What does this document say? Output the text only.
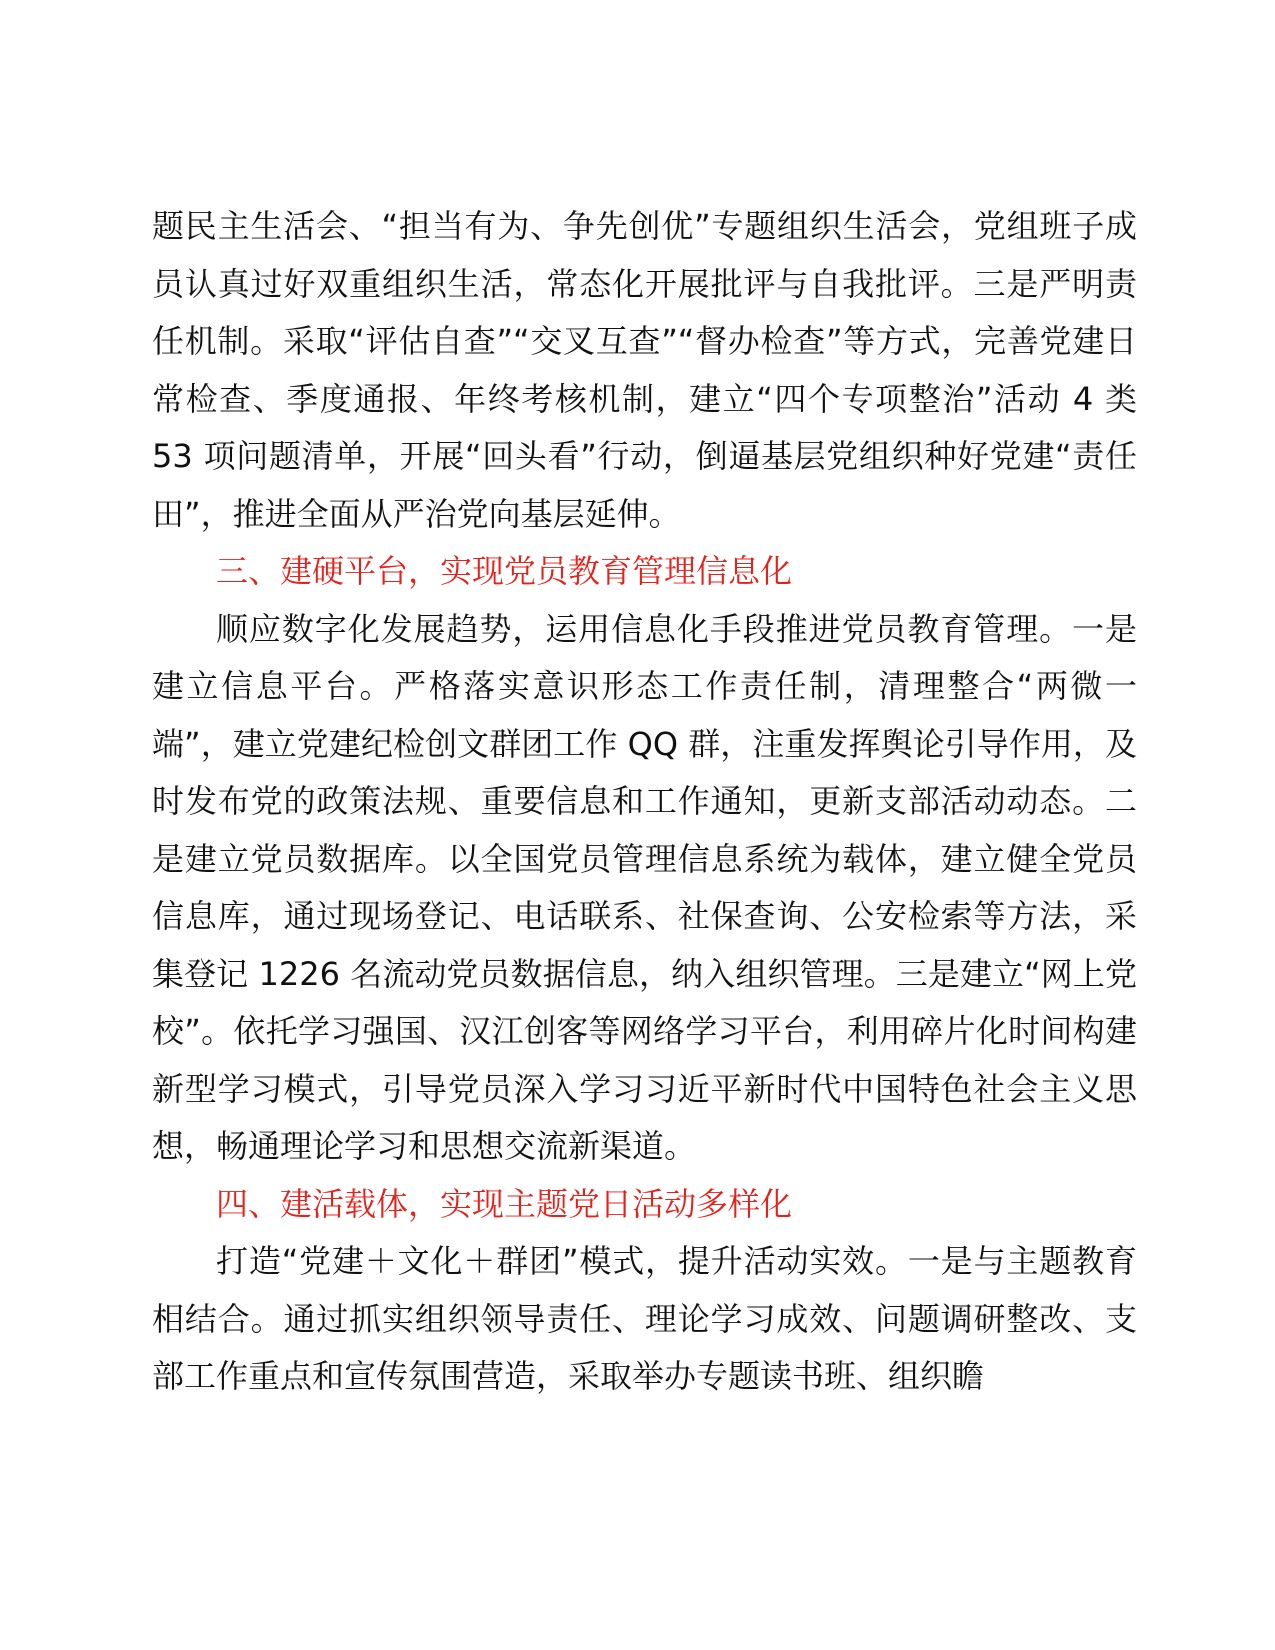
题民主生活会、“担当有为、争先创优”专题组织生活会，党组班子成员认真过好双重组织生活，常态化开展批评与自我批评。三是严明责任机制。采取“评估自查”“交叉互查”“督办检查”等方式，完善党建日常检查、季度通报、年终考核机制，建立“四个专项整治”活动 4 类 53 项问题清单，开展“回头看”行动，倒逼基层党组织种好党建“责任田”，推进全面从严治党向基层延伸。

三、建硬平台，实现党员教育管理信息化

顺应数字化发展趋势，运用信息化手段推进党员教育管理。一是建立信息平台。严格落实意识形态工作责任制，清理整合“两微一端”，建立党建纪检创文群团工作 QQ 群，注重发挥舆论引导作用，及时发布党的政策法规、重要信息和工作通知，更新支部活动动态。二是建立党员数据库。以全国党员管理信息系统为载体，建立健全党员信息库，通过现场登记、电话联系、社保查询、公安检索等方法，采集登记 1226 名流动党员数据信息，纳入组织管理。三是建立“网上党校”。依托学习强国、汉江创客等网络学习平台，利用碎片化时间构建新型学习模式，引导党员深入学习习近平新时代中国特色社会主义思想，畅通理论学习和思想交流新渠道。

四、建活载体，实现主题党日活动多样化

打造“党建＋文化＋群团”模式，提升活动实效。一是与主题教育相结合。通过抓实组织领导责任、理论学习成效、问题调研整改、支部工作重点和宣传氛围营造，采取举办专题读书班、组织瞻
